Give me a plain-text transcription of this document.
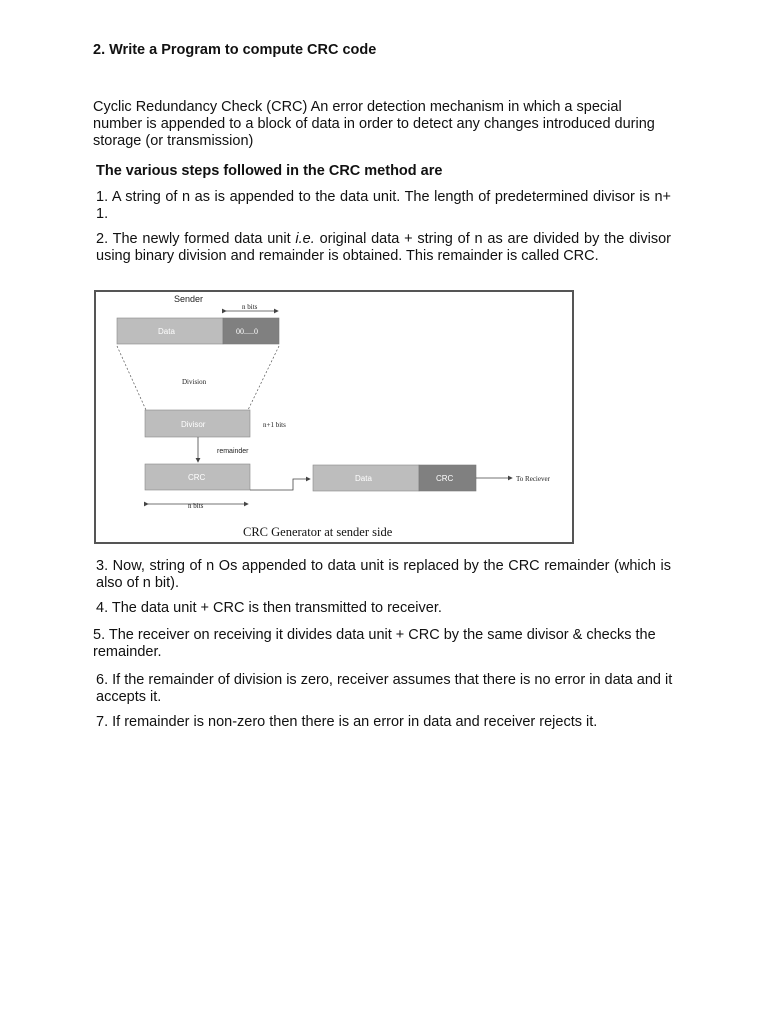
2. Write a Program to compute CRC code

Cyclic Redundancy Check (CRC) An error detection mechanism in which a special number is appended to a block of data in order to detect any changes introduced during storage (or transmission)

The various steps followed in the CRC method are

1. A string of n as is appended to the data unit. The length of predetermined divisor is n+ 1.

2. The newly formed data unit i.e. original data + string of n as are divided by the divisor using binary division and remainder is obtained. This remainder is called CRC.

Sender
n bits
Data	00.....0
Division
Divisor	n+1 bits
remainder
CRC
n bits
Data	CRC	To Reciever
CRC Generator at sender side

3. Now, string of n Os appended to data unit is replaced by the CRC remainder (which is also of n bit).

4. The data unit + CRC is then transmitted to receiver.

5. The receiver on receiving it divides data unit + CRC by the same divisor & checks the remainder.

6. If the remainder of division is zero, receiver assumes that there is no error in data and it accepts it.

7. If remainder is non-zero then there is an error in data and receiver rejects it.
